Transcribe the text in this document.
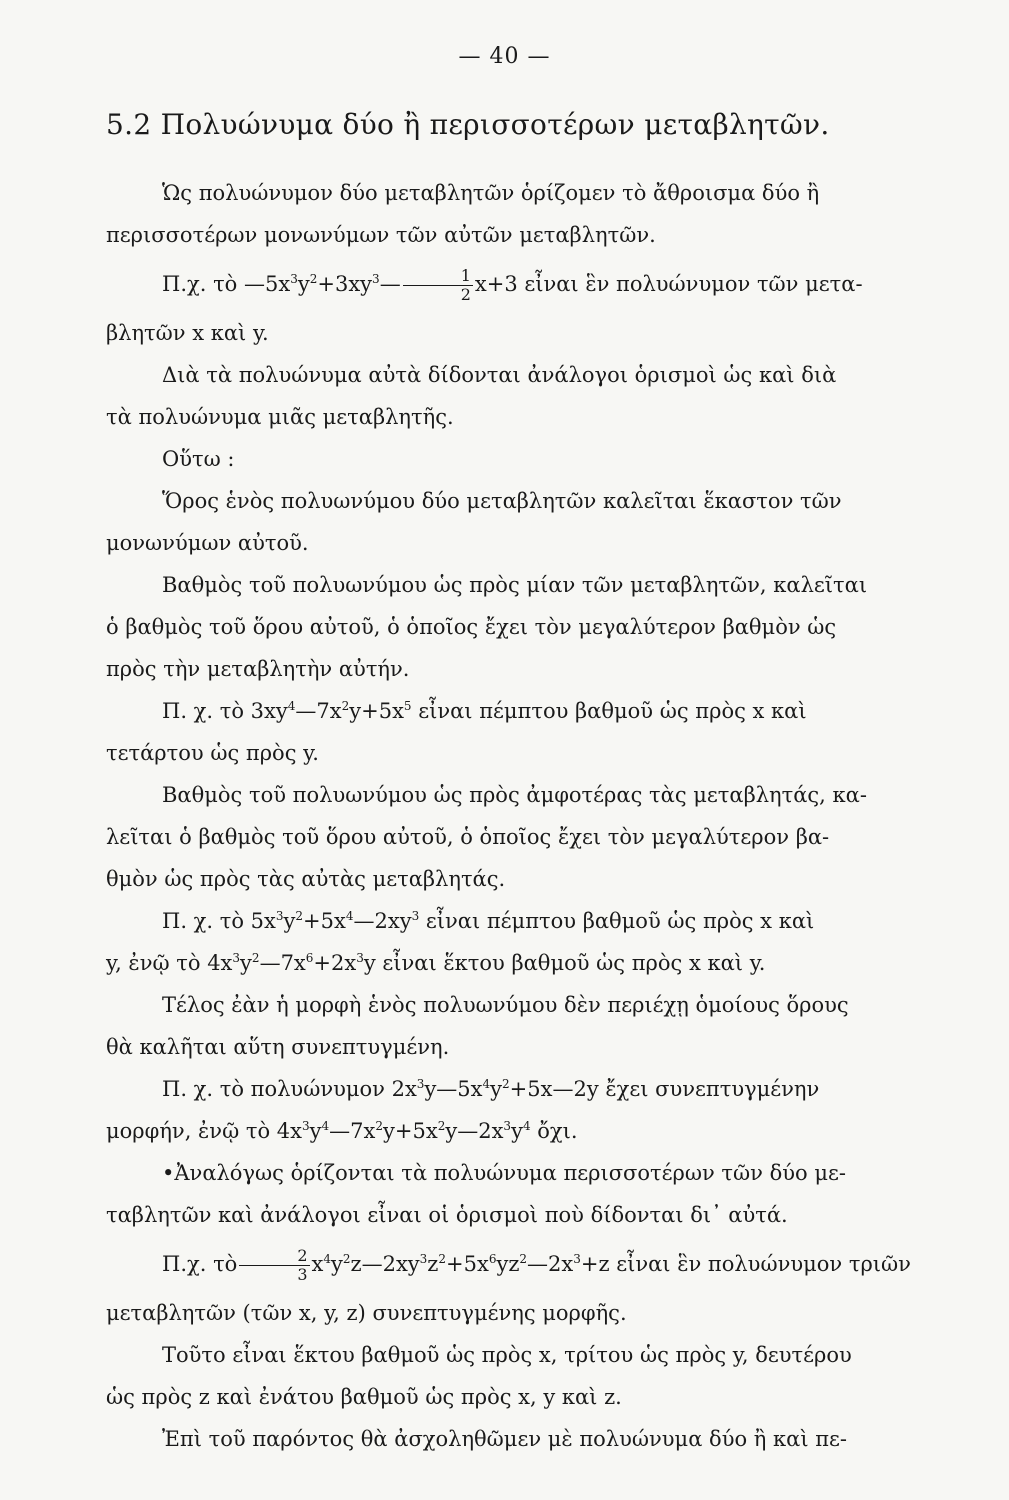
— 40 —
5.2 Πολυώνυμα δύο ἢ περισσοτέρων μεταβλητῶν.

Ὡς πολυώνυμον δύο μεταβλητῶν ὁρίζομεν τὸ ἄθροισμα δύο ἢ

περισσοτέρων μονωνύμων τῶν αὐτῶν μεταβλητῶν.

Π.χ. τὸ $—5x^3y^2+3xy^3— \frac{1}{2} x+3$ εἶναι ἓν πολυώνυμον τῶν μετα-

βλητῶν x καὶ y.

Διὰ τὰ πολυώνυμα αὐτὰ δίδονται ἀνάλογοι ὁρισμοὶ ὡς καὶ διὰ

τὰ πολυώνυμα μιᾶς μεταβλητῆς.

Οὕτω :

Ὅρος ἑνὸς πολυωνύμου δύο μεταβλητῶν καλεῖται ἕκαστον τῶν

μονωνύμων αὐτοῦ.

Βαθμὸς τοῦ πολυωνύμου ὡς πρὸς μίαν τῶν μεταβλητῶν, καλεῖται

ὁ βαθμὸς τοῦ ὅρου αὐτοῦ, ὁ ὁποῖος ἔχει τὸν μεγαλύτερον βαθμὸν ὡς

πρὸς τὴν μεταβλητὴν αὐτήν.

Π. χ. τὸ $3xy^4—7x^2y+5x^5$ εἶναι πέμπτου βαθμοῦ ὡς πρὸς x καὶ

τετάρτου ὡς πρὸς y.

Βαθμὸς τοῦ πολυωνύμου ὡς πρὸς ἀμφοτέρας τὰς μεταβλητάς, κα-

λεῖται ὁ βαθμὸς τοῦ ὅρου αὐτοῦ, ὁ ὁποῖος ἔχει τὸν μεγαλύτερον βα-

θμὸν ὡς πρὸς τὰς αὐτὰς μεταβλητάς.

Π. χ. τὸ $5x^3y^2+5x^4—2xy^3$ εἶναι πέμπτου βαθμοῦ ὡς πρὸς x καὶ

y, ἐνῷ τὸ $4x^3y^2—7x^6+2x^3y$ εἶναι ἕκτου βαθμοῦ ὡς πρὸς x καὶ y.

Τέλος ἐὰν ἡ μορφὴ ἑνὸς πολυωνύμου δὲν περιέχῃ ὁμοίους ὅρους

θὰ καλῆται αὕτη συνεπτυγμένη.

Π. χ. τὸ πολυώνυμον $2x^3y—5x^4y^2+5x—2y$ ἔχει συνεπτυγμένην

μορφήν, ἐνῷ τὸ $4x^3y^4—7x^2y+5x^2y—2x^3y^4$ ὄχι.

•Ἀναλόγως ὁρίζονται τὰ πολυώνυμα περισσοτέρων τῶν δύο με-

ταβλητῶν καὶ ἀνάλογοι εἶναι οἱ ὁρισμοὶ ποὺ δίδονται δι᾽ αὐτά.

Π.χ. τὸ $\frac{2}{3}$ $x^4y^2z—2xy^3z^2+5x^6yz^2—2x^3+z$ εἶναι ἓν πολυώνυμον τριῶν

μεταβλητῶν (τῶν x, y, z) συνεπτυγμένης μορφῆς.

Τοῦτο εἶναι ἕκτου βαθμοῦ ὡς πρὸς x, τρίτου ὡς πρὸς y, δευτέρου

ὡς πρὸς z καὶ ἐνάτου βαθμοῦ ὡς πρὸς x, y καὶ z.

Ἐπὶ τοῦ παρόντος θὰ ἀσχοληθῶμεν μὲ πολυώνυμα δύο ἢ καὶ πε-
